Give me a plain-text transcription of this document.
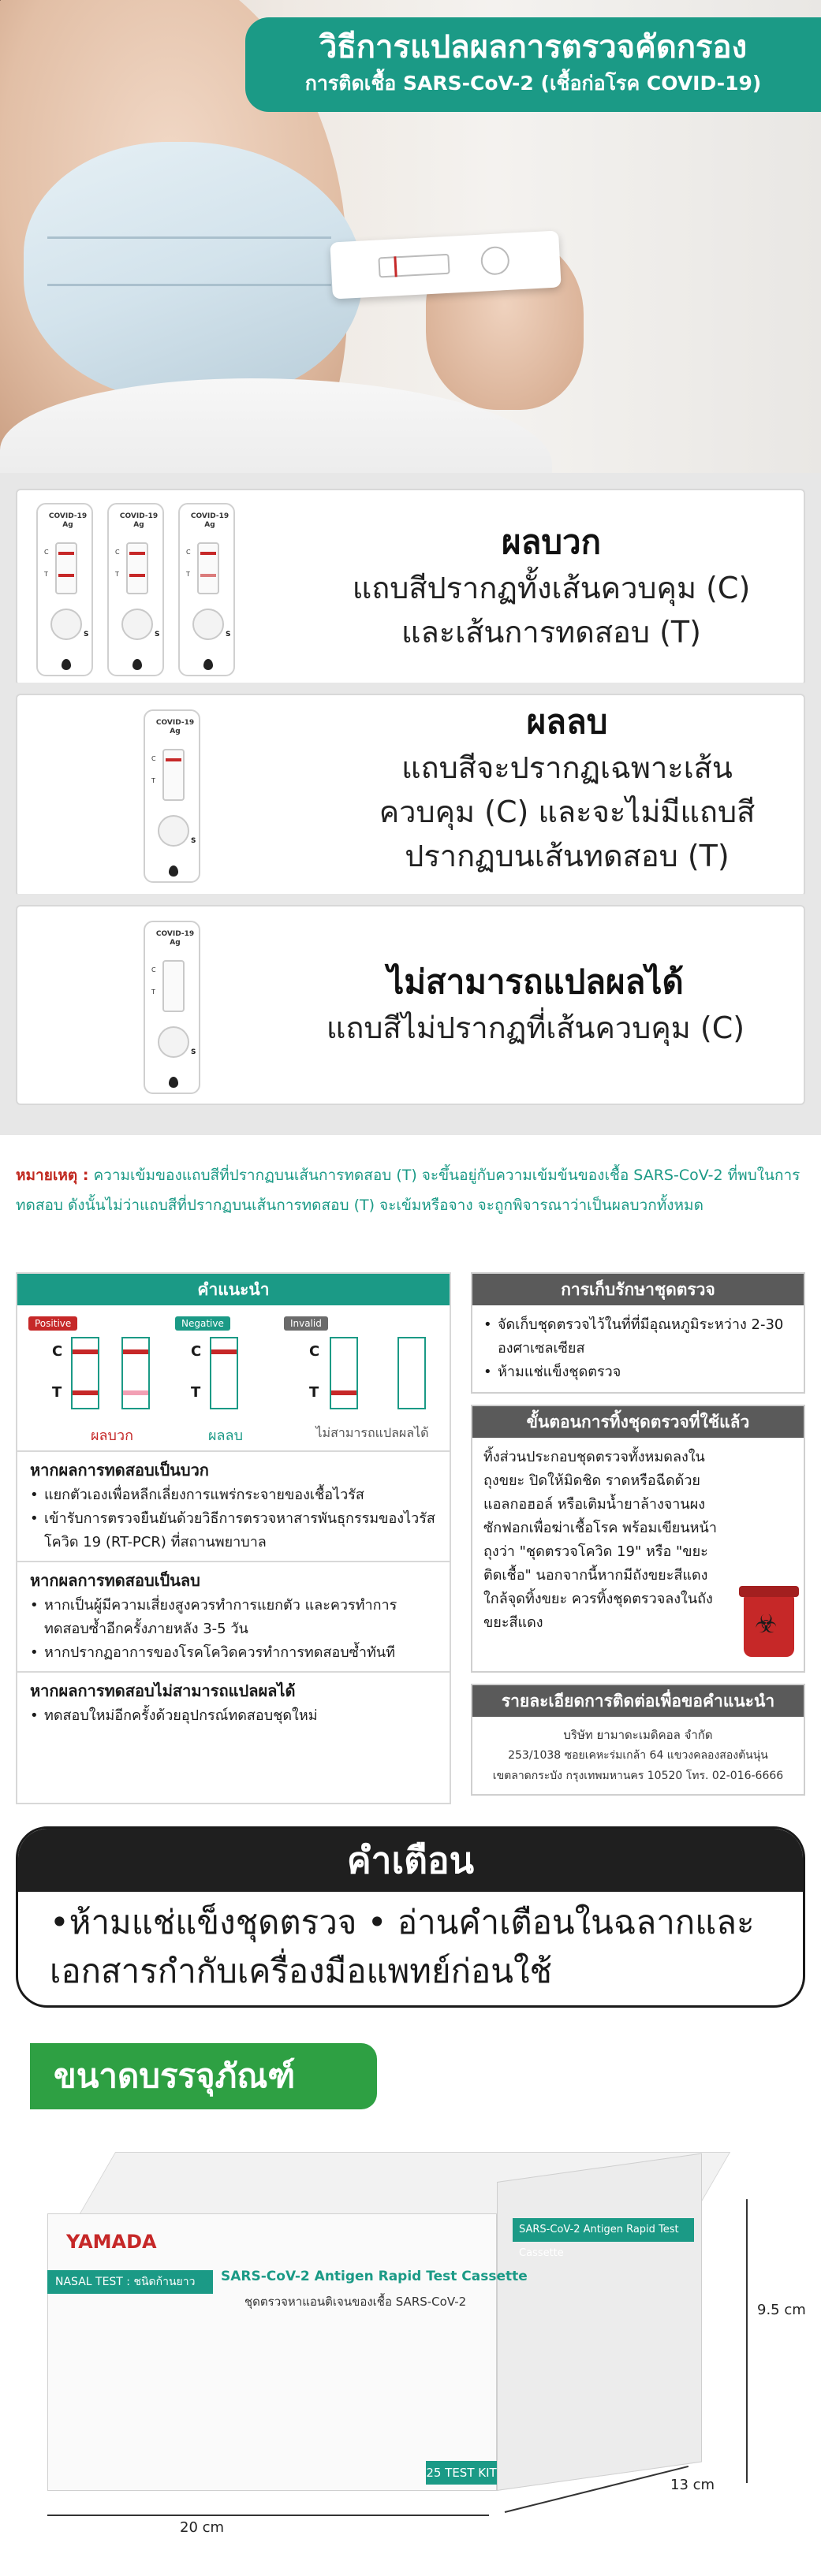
วิธีการแปลผลการตรวจคัดกรอง
การติดเชื้อ SARS-CoV-2 (เชื้อก่อโรค COVID-19)
COVID-19 Ag
C
T
S
COVID-19 Ag
C
T
S
COVID-19 Ag
C
T
S
ผลบวก
แถบสีปรากฏทั้งเส้นควบคุม (C)
และเส้นการทดสอบ (T)
COVID-19 Ag
C
T
S
ผลลบ
แถบสีจะปรากฏเฉพาะเส้น
ควบคุม (C) และจะไม่มีแถบสี
ปรากฏบนเส้นทดสอบ (T)
COVID-19 Ag
C
T
S
ไม่สามารถแปลผลได้
แถบสีไม่ปรากฏที่เส้นควบคุม (C)
หมายเหตุ : ความเข้มของแถบสีที่ปรากฏบนเส้นการทดสอบ (T) จะขึ้นอยู่กับความเข้มข้นของเชื้อ SARS-CoV-2 ที่พบในการทดสอบ ดังนั้นไม่ว่าแถบสีที่ปรากฏบนเส้นการทดสอบ (T) จะเข้มหรือจาง จะถูกพิจารณาว่าเป็นผลบวกทั้งหมด
คำแนะนำ
Positive
C
T
ผลบวก
Negative
C
T
ผลลบ
Invalid
C
T
ไม่สามารถแปลผลได้
หากผลการทดสอบเป็นบวก
• แยกตัวเองเพื่อหลีกเลี่ยงการแพร่กระจายของเชื้อไวรัส
• เข้ารับการตรวจยืนยันด้วยวิธีการตรวจหาสารพันธุกรรมของไวรัสโควิด 19 (RT-PCR) ที่สถานพยาบาล
หากผลการทดสอบเป็นลบ
• หากเป็นผู้มีความเสี่ยงสูงควรทำการแยกตัว และควรทำการทดสอบซ้ำอีกครั้งภายหลัง 3-5 วัน
• หากปรากฏอาการของโรคโควิดควรทำการทดสอบซ้ำทันที
หากผลการทดสอบไม่สามารถแปลผลได้
• ทดสอบใหม่อีกครั้งด้วยอุปกรณ์ทดสอบชุดใหม่
การเก็บรักษาชุดตรวจ
• จัดเก็บชุดตรวจไว้ในที่ที่มีอุณหภูมิระหว่าง 2-30 องศาเซลเซียส
• ห้ามแช่แข็งชุดตรวจ
ขั้นตอนการทิ้งชุดตรวจที่ใช้แล้ว

ทิ้งส่วนประกอบชุดตรวจทั้งหมดลงในถุงขยะ ปิดให้มิดชิด ราดหรือฉีดด้วยแอลกอฮอล์ หรือเติมน้ำยาล้างจานผงซักฟอกเพื่อฆ่าเชื้อโรค พร้อมเขียนหน้าถุงว่า "ชุดตรวจโควิด 19" หรือ "ขยะติดเชื้อ" นอกจากนี้หากมีถังขยะสีแดงใกล้จุดทิ้งขยะ ควรทิ้งชุดตรวจลงในถังขยะสีแดง	☣
รายละเอียดการติดต่อเพื่อขอคำแนะนำ
บริษัท ยามาดะเมดิคอล จำกัด
253/1038 ซอยเคหะร่มเกล้า 64 แขวงคลองสองต้นนุ่น
เขตลาดกระบัง กรุงเทพมหานคร 10520 โทร. 02-016-6666
คำเตือน
•ห้ามแช่แข็งชุดตรวจ • อ่านคำเตือนในฉลากและ
เอกสารกำกับเครื่องมือแพทย์ก่อนใช้
ขนาดบรรจุภัณฑ์
YAMADA
NASAL TEST : ชนิดก้านยาว	SARS-CoV-2 Antigen Rapid Test Cassette
ชุดตรวจหาแอนติเจนของเชื้อ SARS-CoV-2
25 TEST KIT
SARS-CoV-2 Antigen Rapid Test Cassette
20 cm
13 cm
9.5 cm
